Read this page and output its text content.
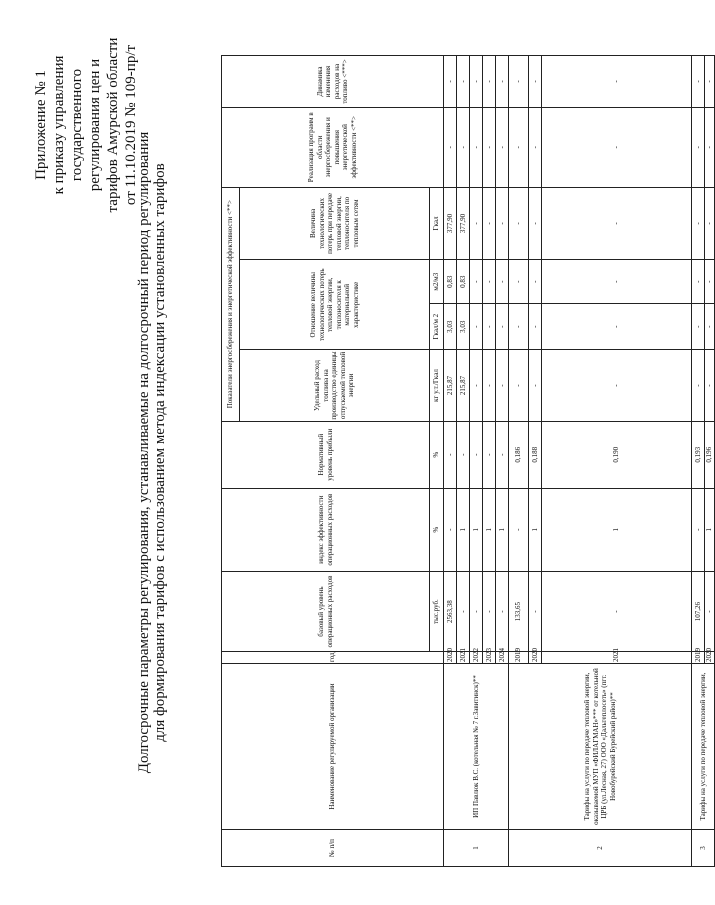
Приложение № 1 к приказу управления государственного регулирования цен и тарифов Амурской области от 11.10.2019 № 109-пр/т
Долгосрочные параметры регулирования, устанавливаемые на долгосрочный период регулирования для формирования тарифов с использованием метода индексации установленных тарифов
№ п/п	Наименование регулируемой организации	год	базовый уровень операционных расходов	индекс эффективности операционных расходов	Нормативный уровень прибыли	Показатели энергосбережения и энергетической эффективности <**>				Реализация программ в области энергосбережения и повышения энергетической эффективности <**>	Динамика изменения расходов на топливо <***>
						Удельный расход топлива на производство единицы отпускаемой тепловой энергии	Отношение величины технологических потерь тепловой энергии, теплоносителя к материальной характеристике		Величина технологических потерь при передаче тепловой энергии, теплоносителя по тепловым сетям		
			тыс.руб.	%	%	кг у.т./Гкал	Гкал/м 2	м2/м3	Гкал		
1	ИП Павлюк В.С. (котельная № 7 г.Завитинск)**	2020	2563,38	-	-	215,87	3,03	0,83	377,90	-	-
		2021	-	1	-	215,87	3,03	0,83	377,90	-	-
		2022	-	1	-	-	-	-	-	-	-
		2023	-	1	-	-	-	-	-	-	-
		2024	-	1	-	-	-	-	-	-	-
2	Тарифы на услуги по передаче тепловой энергии, оказываемой МУП «ФИЛАГМАН»*** от котельной ЦРБ (ул.Лесная, 27) ООО «Дальтеплосеть» (пгт. Новобурейский Бурейский район)**	2019	133,65	-	0,186	-	-	-	-	-	-
		2020	-	1	0,188	-	-	-	-	-	-
		2021	-	1	0,190	-	-	-	-	-	-
3	Тарифы на услуги по передаче тепловой энергии,	2019	107,26	-	0,193	-	-	-	-	-	-
		2020	-	1	0,196	-	-	-	-	-	-
